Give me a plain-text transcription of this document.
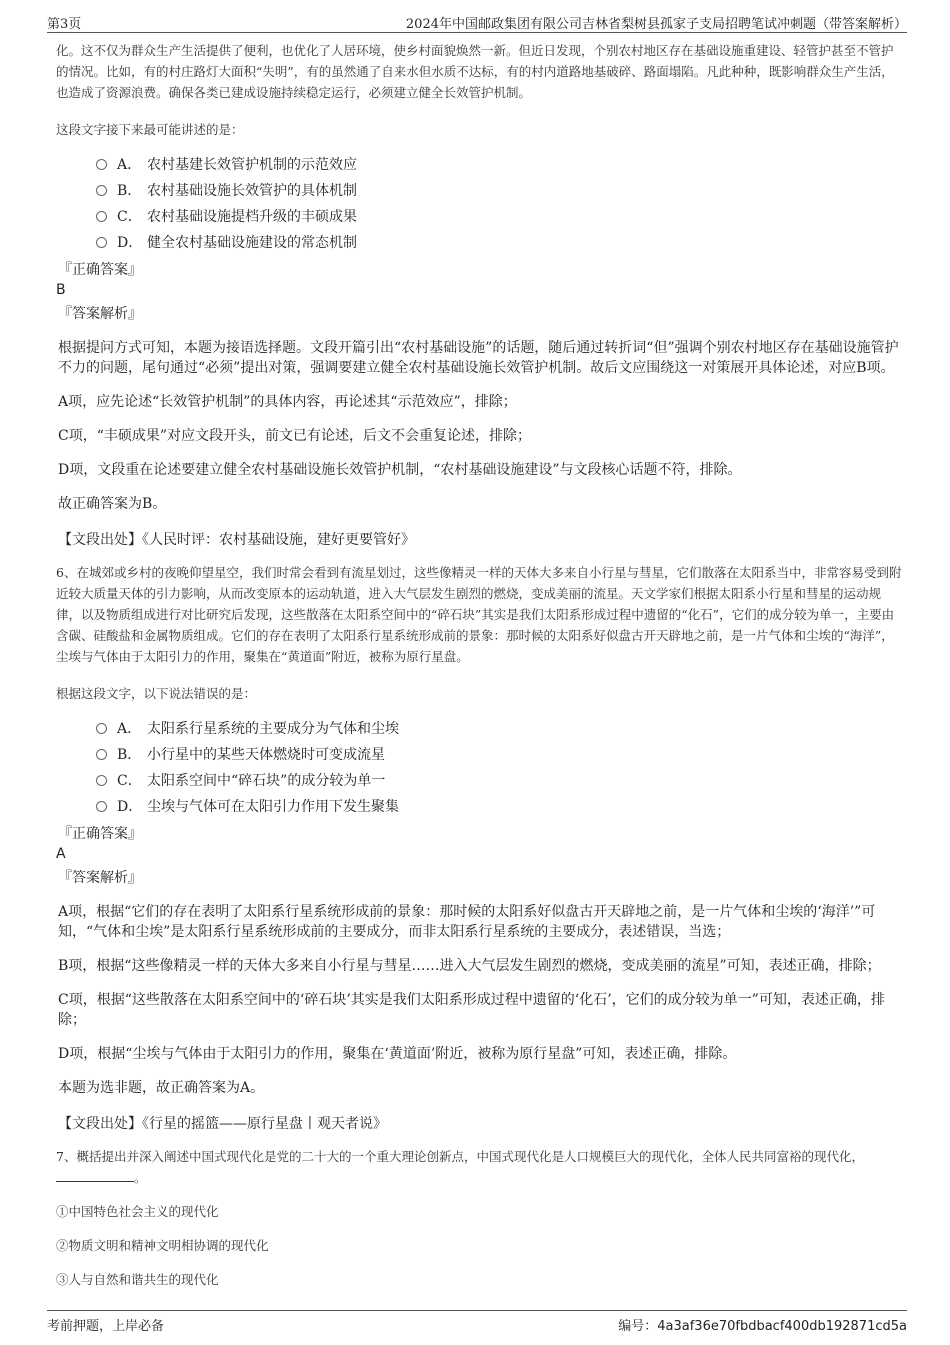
第3页	2024年中国邮政集团有限公司吉林省梨树县孤家子支局招聘笔试冲刺题（带答案解析）

化。这不仅为群众生产生活提供了便利，也优化了人居环境，使乡村面貌焕然一新。但近日发现，个别农村地区存在基础设施重建设、轻管护甚至不管护的情况。比如，有的村庄路灯大面积“失明”，有的虽然通了自来水但水质不达标，有的村内道路地基破碎、路面塌陷。凡此种种，既影响群众生产生活，也造成了资源浪费。确保各类已建成设施持续稳定运行，必须建立健全长效管护机制。

这段文字接下来最可能讲述的是：

A． 农村基建长效管护机制的示范效应
B． 农村基础设施长效管护的具体机制
C． 农村基础设施提档升级的丰硕成果
D． 健全农村基础设施建设的常态机制
『正确答案』
B
『答案解析』

根据提问方式可知，本题为接语选择题。文段开篇引出“农村基础设施”的话题，随后通过转折词“但”强调个别农村地区存在基础设施管护不力的问题，尾句通过“必须”提出对策，强调要建立健全农村基础设施长效管护机制。故后文应围绕这一对策展开具体论述，对应B项。

A项，应先论述“长效管护机制”的具体内容，再论述其“示范效应”，排除；

C项，“丰硕成果”对应文段开头，前文已有论述，后文不会重复论述，排除；

D项，文段重在论述要建立健全农村基础设施长效管护机制，“农村基础设施建设”与文段核心话题不符，排除。

故正确答案为B。

【文段出处】《人民时评：农村基础设施，建好更要管好》

6、在城郊或乡村的夜晚仰望星空，我们时常会看到有流星划过，这些像精灵一样的天体大多来自小行星与彗星，它们散落在太阳系当中，非常容易受到附近较大质量天体的引力影响，从而改变原本的运动轨道，进入大气层发生剧烈的燃烧，变成美丽的流星。天文学家们根据太阳系小行星和彗星的运动规律，以及物质组成进行对比研究后发现，这些散落在太阳系空间中的“碎石块”其实是我们太阳系形成过程中遗留的“化石”，它们的成分较为单一，主要由含碳、硅酸盐和金属物质组成。它们的存在表明了太阳系行星系统形成前的景象：那时候的太阳系好似盘古开天辟地之前，是一片气体和尘埃的“海洋”，尘埃与气体由于太阳引力的作用，聚集在“黄道面”附近，被称为原行星盘。

根据这段文字，以下说法错误的是：

A． 太阳系行星系统的主要成分为气体和尘埃
B． 小行星中的某些天体燃烧时可变成流星
C． 太阳系空间中“碎石块”的成分较为单一
D． 尘埃与气体可在太阳引力作用下发生聚集
『正确答案』
A
『答案解析』

A项，根据“它们的存在表明了太阳系行星系统形成前的景象：那时候的太阳系好似盘古开天辟地之前，是一片气体和尘埃的‘海洋’”可知，“气体和尘埃”是太阳系行星系统形成前的主要成分，而非太阳系行星系统的主要成分，表述错误，当选；

B项，根据“这些像精灵一样的天体大多来自小行星与彗星……进入大气层发生剧烈的燃烧，变成美丽的流星”可知，表述正确，排除；

C项，根据“这些散落在太阳系空间中的‘碎石块’其实是我们太阳系形成过程中遗留的‘化石’，它们的成分较为单一”可知，表述正确，排除；

D项，根据“尘埃与气体由于太阳引力的作用，聚集在‘黄道面’附近，被称为原行星盘”可知，表述正确，排除。

本题为选非题，故正确答案为A。

【文段出处】《行星的摇篮——原行星盘丨观天者说》

7、概括提出并深入阐述中国式现代化是党的二十大的一个重大理论创新点，中国式现代化是人口规模巨大的现代化，全体人民共同富裕的现代化，。

①中国特色社会主义的现代化

②物质文明和精神文明相协调的现代化

③人与自然和谐共生的现代化

考前押题，上岸必备	编号：4a3af36e70fbdbacf400db192871cd5a
